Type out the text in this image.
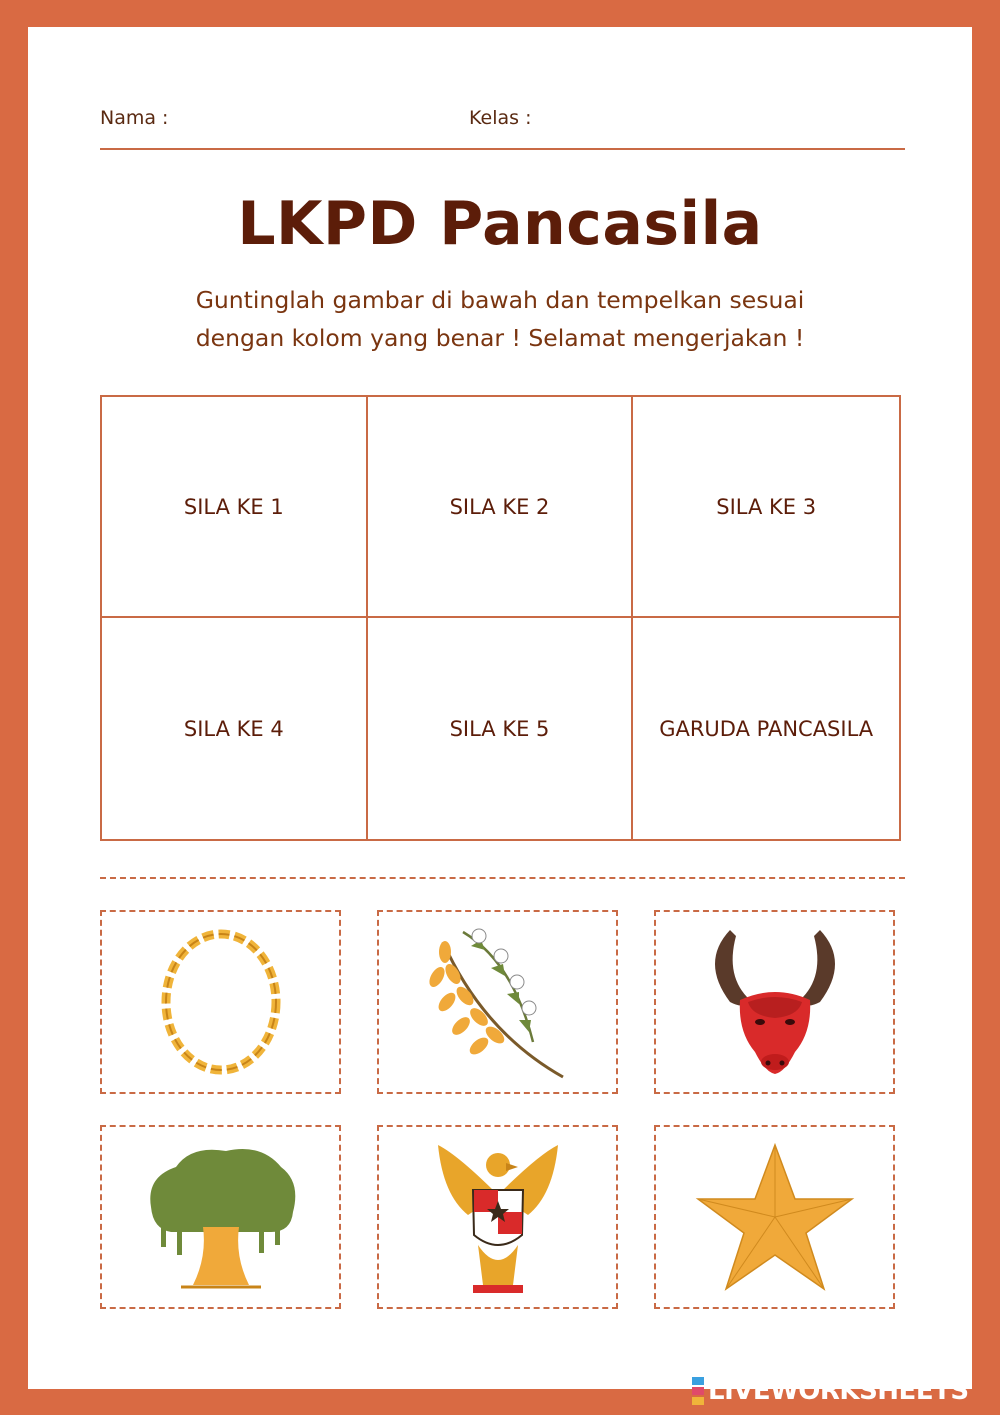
Nama :	Kelas :
LKPD Pancasila
Guntinglah gambar di bawah dan tempelkan sesuai
dengan kolom yang benar ! Selamat mengerjakan !
SILA KE 1	SILA KE 2	SILA KE 3
SILA KE 4	SILA KE 5	GARUDA PANCASILA
LIVEWORKSHEETS
